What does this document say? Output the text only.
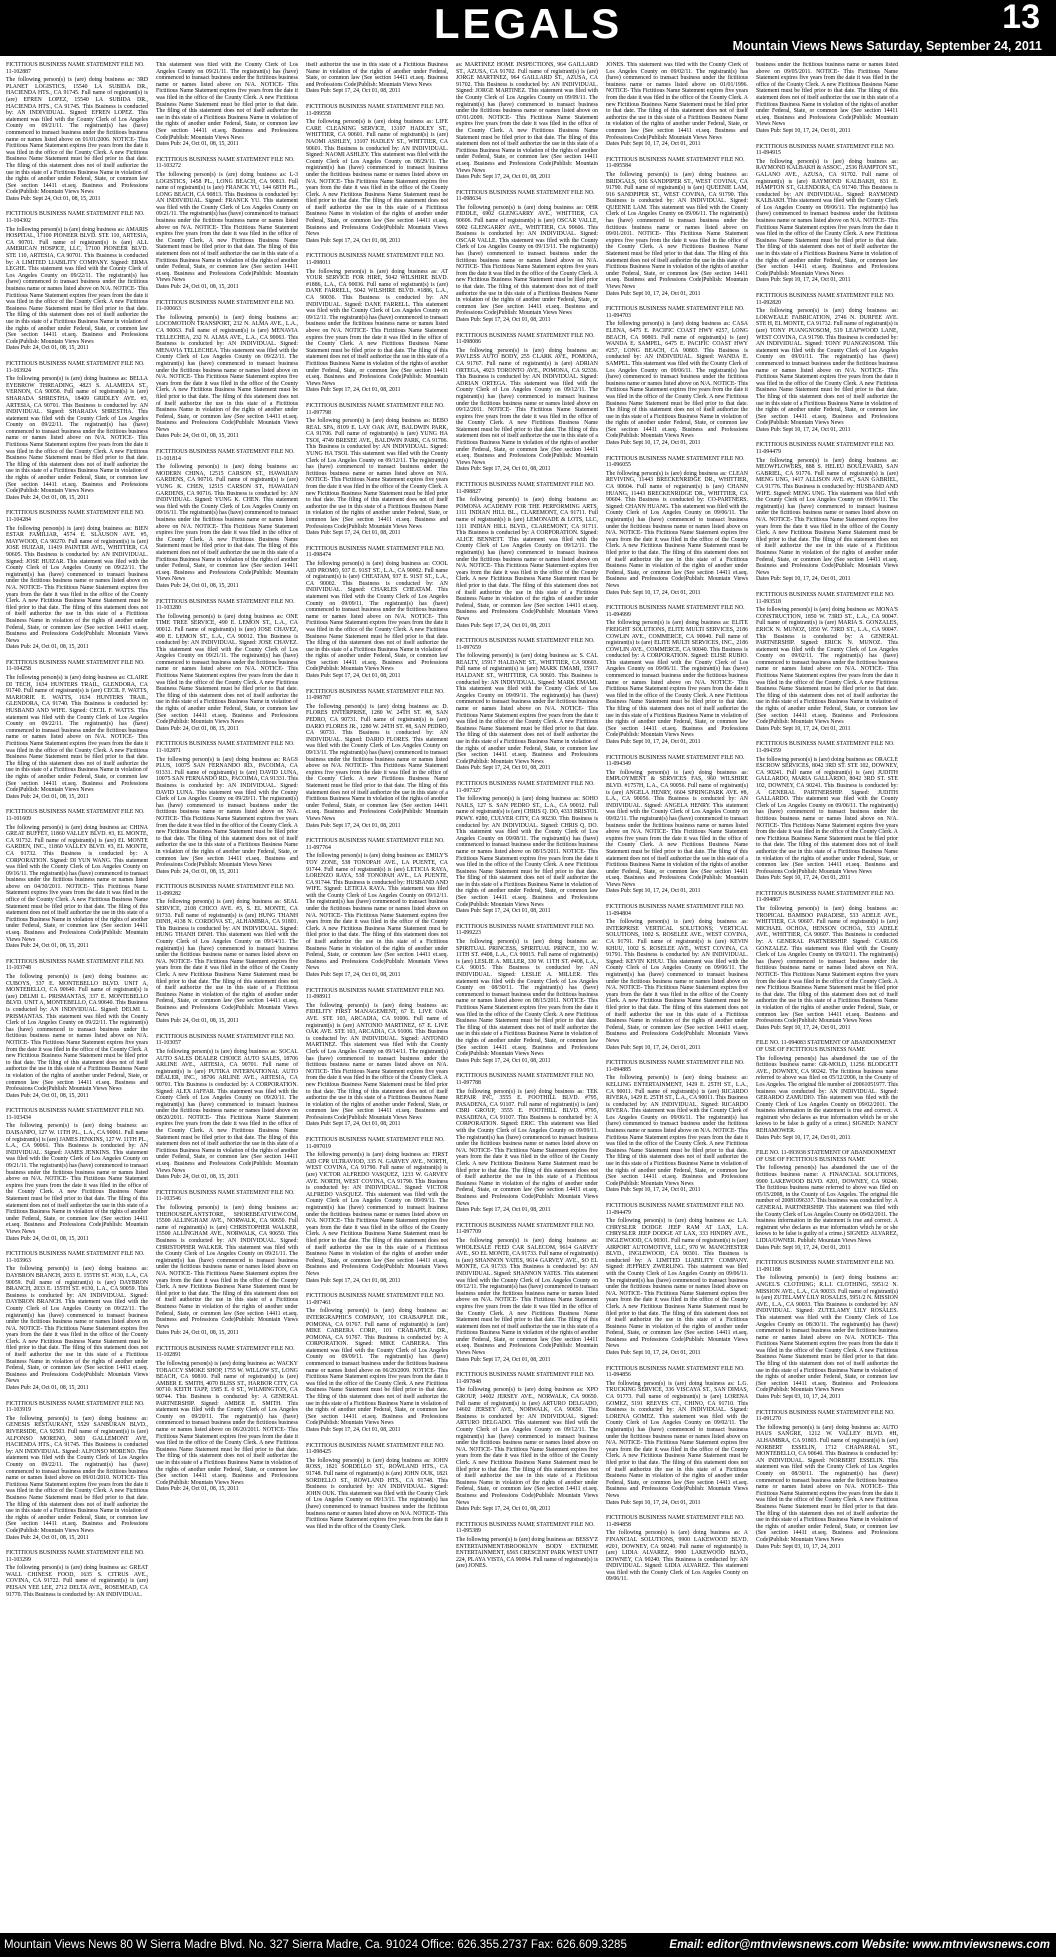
LEGALS	13
Mountain Views News Saturday, September 24, 2011
FICTITIOUS BUSINESS NAME STATEMENT FILE NO. 11-102887
The following person(s) is (are) doing business as: 3RD PLANET LOGISTICS, 15540 LA SUBIDA DR., HACIENDA HTS., CA 91745. Full name of registrant(s) is (are) EFREN LOPEZ, 15540 LA SUBIDA DR., HACIENDA HTS., CA 91745. This Business is conducted by: AN INDIVIDUAL. Signed: EFREN LOPEZ. This statement was filed with the County Clerk of Los Angeles County on 09/21/11. The registrant(s) has (have) commenced to transact business under the fictitious business name or names listed above on 01/01/2006. NOTICE- This Fictitious Name Statement expires five years from the date it was filed in the office of the County Clerk. A new Fictitious Business Name Statement must be filed prior to that date. The filing of this statement does not of itself authorize the use in this state of a Fictitious Business Name in violation of the rights of another under Federal, State, or common law (See section 14411 et.seq. Business and Professions Code)Publish: Mountain Views News
Dates Pub: Sept 24, Oct 01, 08, 15, 2011
FICTITIOUS BUSINESS NAME STATEMENT FILE NO. 11-104302
The following person(s) is (are) doing business as: AMARIS HOSPITAL, 17100 PIONEER BLVD. STE 110, ARTESIA, CA 90701. Full name of registrant(s) is (are) ALL AMERICAN HOSPICE, LLC, 17100 PIONEER BLVD. STE 110, ARTESIA, CA 90701. This Business is conducted by: A LIMITED LIABILITY COMPANY. Signed: ERMA LEGHE. This statement was filed with the County Clerk of Los Angeles County on 09/22/11. The registrant(s) has (have) commenced to transact business under the fictitious business name or names listed above on N/A. NOTICE- This Fictitious Name Statement expires five years from the date it was filed in the office of the County Clerk. A new Fictitious Business Name Statement must be filed prior to that date. The filing of this statement does not of itself authorize the use in this state of a Fictitious Business Name in violation of the rights of another under Federal, State, or common law (See section 14411 et.seq. Business and Professions Code)Publish: Mountain Views News
Dates Pub: 24, Oct 01, 08, 15, 2011
FICTITIOUS BUSINESS NAME STATEMENT FILE NO. 11-103924
The following person(s) is (are) doing business as: BELLA EYEBROW THREADING, 4823 S. ALAMEDA ST., VERNON, CA 90058. Full name of registrant(s) is (are) SHARADA SHRESTHA, 18409 GRIDLEY AVE. #3, ARTESIA, CA 90701. This Business is conducted by: AN INDIVIDUAL. Signed: SHARADA SHRESTHA. This statement was filed with the County Clerk of Los Angeles County on 09/22/11. The registrant(s) has (have) commenced to transact business under the fictitious business name or names listed above on N/A. NOTICE- This Fictitious Name Statement expires five years from the date it was filed in the office of the County Clerk. A new Fictitious Business Name Statement must be filed prior to that date. The filing of this statement does not of itself authorize the use in this state of a Fictitious Business Name in violation of the rights of another under Federal, State, or common law (See section 14411 et.seq. Business and Professions Code)Publish: Mountain Views News
Dates Pub: 24, Oct 01, 08, 15, 2011
FICTITIOUS BUSINESS NAME STATEMENT FILE NO. 11-104284
The following person(s) is (are) doing business as: BIEN ESTAR FAMILIAR, 4574 E. SLAUSON AVE. #5, MAYWOOD, CA 90270. Full name of registrant(s) is (are) JOSE HUIZAR, 11419 PAINTER AVE., WHITTIER, CA 90605. This Business is conducted by: AN INDIVIDUAL. Signed: JOSE HUIZAR. This statement was filed with the County Clerk of Los Angeles County on 09/22/11. The registrant(s) has (have) commenced to transact business under the fictitious business name or names listed above on N/A. NOTICE- This Fictitious Name Statement expires five years from the date it was filed in the office of the County Clerk. A new Fictitious Business Name Statement must be filed prior to that date. The filing of this statement does not of itself authorize the use in this state of a Fictitious Business Name in violation of the rights of another under Federal, State, or common law (See section 14411 et.seq. Business and Professions Code)Publish: Mountain Views News
Dates Pub: 24, Oct 01, 08, 15, 2011
FICTITIOUS BUSINESS NAME STATEMENT FILE NO. 11-104258
The following person(s) is (are) doing business as: CLAIRE DI TECH, 1634 HUNTERS TRAIL, GLENDORA, CA 91740. Full name of registrant(s) is (are) CECIL F. WATTS, MARJORIE E. WATTS, 1634 HUNTERS TRAIL, GLENDORA, CA 91740. This Business is conducted by: HUSBAND AND WIFE. Signed: CECIL F. WATTS. This statement was filed with the County Clerk of Los Angeles County on 09/22/11. The registrant(s) has (have) commenced to transact business under the fictitious business name or names listed above on N/A. NOTICE- This Fictitious Name Statement expires five years from the date it was filed in the office of the County Clerk. A new Fictitious Business Name Statement must be filed prior to that date. The filing of this statement does not of itself authorize the use in this state of a Fictitious Business Name in violation of the rights of another under Federal, State, or common law (See section 14411 et.seq. Business and Professions Code)Publish: Mountain Views News
Dates Pub: 24, Oct 01, 08, 15, 2011
FICTITIOUS BUSINESS NAME STATEMENT FILE NO. 11-101609
The following person(s) is (are) doing business as: CHINA GREAT BUFFET, 11860 VALLEY BLVD. #3, EL MONTE, CA 91732. Full name of registrant(s) is (are) EL MONTE GARDEN, INC., 11860 VALLEY BLVD. #3, EL MONTE, CA 91732. This Business is conducted by: A CORPORATION. Signed: DI YUN WANG. This statement was filed with the County Clerk of Los Angeles County on 09/16/11. The registrant(s) has (have) commenced to transact business under the fictitious business name or names listed above on 04/30/2011. NOTICE- This Fictitious Name Statement expires five years from the date it was filed in the office of the County Clerk. A new Fictitious Business Name Statement must be filed prior to that date. The filing of this statement does not of itself authorize the use in this state of a Fictitious Business Name in violation of the rights of another under Federal, State, or common law (See section 14411 et.seq. Business and Professions Code)Publish: Mountain Views News
Dates Pub: 24, Oct 01, 08, 15, 2011
FICTITIOUS BUSINESS NAME STATEMENT FILE NO. 11-103748
The following person(s) is (are) doing business as: CUBOYS, 337 E. MONTEBELLO BLVD. UNIT A, MONTEBELLO, CA 90640. Full name of registrant(s) is (are) DELMI L. PRISMANTAS, 337 E. MONTEBELLO BLVD. UNIT A, MONTEBELLO, CA 90640. This Business is conducted by: AN INDIVIDUAL. Signed: DELMI L. PRISMANTAS. This statement was filed with the County Clerk of Los Angeles County on 09/22/11. The registrant(s) has (have) commenced to transact business under the fictitious business name or names listed above on N/A. NOTICE- This Fictitious Name Statement expires five years from the date it was filed in the office of the County Clerk. A new Fictitious Business Name Statement must be filed prior to that date. The filing of this statement does not of itself authorize the use in this state of a Fictitious Business Name in violation of the rights of another under Federal, State, or common law (See section 14411 et.seq. Business and Professions Code)Publish: Mountain Views News
Dates Pub: 24, Oct 01, 08, 15, 2011
FICTITIOUS BUSINESS NAME STATEMENT FILE NO. 11-103434
The following person(s) is (are) doing business as: DAISANPO, 127 W. 11TH PL., L.A., CA 90061. Full name of registrant(s) is (are) JAMES JENKINS, 127 W. 11TH PL., L.A., CA 90061. This Business is conducted by: AN INDIVIDUAL. Signed: JAMES JENKINS. This statement was filed with the County Clerk of Los Angeles County on 09/21/11. The registrant(s) has (have) commenced to transact business under the fictitious business name or names listed above on N/A. NOTICE- This Fictitious Name Statement expires five years from the date it was filed in the office of the County Clerk. A new Fictitious Business Name Statement must be filed prior to that date. The filing of this statement does not of itself authorize the use in this state of a Fictitious Business Name in violation of the rights of another under Federal, State, or common law (See section 14411 et.seq. Business and Professions Code)Publish: Mountain Views News
Dates Pub: 24, Oct 01, 08, 15, 2011
FICTITIOUS BUSINESS NAME STATEMENT FILE NO. 11-103963
The following person(s) is (are) doing business as: DAYBRON BRANCH, 2033 E. 155TH ST. #130, L.A., CA 90059. Full name of registrant(s) is (are) DAYBRON BRANCH, 2033 E. 155TH ST. #130, L.A., CA 90059. This Business is conducted by: AN INDIVIDUAL. Signed: DAYBRON BRANCH. This statement was filed with the County Clerk of Los Angeles County on 09/22/11. The registrant(s) has (have) commenced to transact business under the fictitious business name or names listed above on N/A. NOTICE- This Fictitious Name Statement expires five years from the date it was filed in the office of the County Clerk. A new Fictitious Business Name Statement must be filed prior to that date. The filing of this statement does not of itself authorize the use in this state of a Fictitious Business Name in violation of the rights of another under Federal, State, or common law (See section 14411 et.seq. Business and Professions Code)Publish: Mountain Views News
Dates Pub: 24, Oct 01, 08, 15, 2011
FICTITIOUS BUSINESS NAME STATEMENT FILE NO. 11-103919
The following person(s) is (are) doing business as: GENESIS RESTAURANT, 5529 SANBURAN BLVD., RIVERSIDE, CA 92503. Full name of registrant(s) is (are) ALFONSO MORENO, 3003 GALLEMONT AVE, HACIENDA HTS., CA 91745. This Business is conducted by: AN INDIVIDUAL. Signed: ALFONSO MORENO. This statement was filed with the County Clerk of Los Angeles County on 09/22/11. The registrant(s) has (have) commenced to transact business under the fictitious business name or names listed above on 09/01/2010. NOTICE- This Fictitious Name Statement expires five years from the date it was filed in the office of the County Clerk. A new Fictitious Business Name Statement must be filed prior to that date. The filing of this statement does not of itself authorize the use in this state of a Fictitious Business Name in violation of the rights of another under Federal, State, or common law (See section 14411 et.seq. Business and Professions Code)Publish: Mountain Views News
Dates Pub: 24, Oct 01, 08, 15, 2011
FICTITIOUS BUSINESS NAME STATEMENT FILE NO. 11-103299
The following person(s) is (are) doing business as: GREAT WALL CHINESE FOOD, 1635 S. CITRUS AVE., COVINA, CA 91722. Full name of registrant(s) is (are) PEISAN YEE LEE, 2712 DELTA AVE., ROSEMEAD, CA 91770. This Business is conducted by: AN INDIVIDUAL.
This statement was filed with the County Clerk of Los Angeles County on 09/21/11. The registrant(s) has (have) commenced to transact business under the fictitious business name or names listed above on N/A. NOTICE- This Fictitious Name Statement expires five years from the date it was filed in the office of the County Clerk. A new Fictitious Business Name Statement must be filed prior to that date. The filing of this statement does not of itself authorize the use in this state of a Fictitious Business Name in violation of the rights of another under Federal, State, or common law (See section 14411 et.seq. Business and Professions Code)Publish: Mountain Views News
Dates Pub: 24, Oct 01, 08, 15, 2011
FICTITIOUS BUSINESS NAME STATEMENT FILE NO. 11-103272
The following person(s) is (are) doing business as: L-3 LOGISTICS, 1458 PL., LONG BEACH, CA 90813. Full name of registrant(s) is (are) FRANCK YU, 144 68TH PL., LONG BEACH, CA 90813. This Business is conducted by: AN INDIVIDUAL. Signed: FRANCK YU. This statement was filed with the County Clerk of Los Angeles County on 09/21/11. The registrant(s) has (have) commenced to transact business under the fictitious business name or names listed above on N/A. NOTICE- This Fictitious Name Statement expires five years from the date it was filed in the office of the County Clerk. A new Fictitious Business Name Statement must be filed prior to that date. The filing of this statement does not of itself authorize the use in this state of a Fictitious Business Name in violation of the rights of another under Federal, State, or common law (See section 14411 et.seq. Business and Professions Code)Publish: Mountain Views News
Dates Pub: 24, Oct 01, 08, 15, 2011
FICTITIOUS BUSINESS NAME STATEMENT FILE NO. 11-100663
The following person(s) is (are) doing business as: LOCOMOTION TRANSPORT, 232 N. ALMA AVE., L.A., CA 90063. Full name of registrant(s) is (are) MENAVIA TELLECHEA, 232 N. ALMA AVE., L.A., CA 90063. This Business is conducted by: AN INDIVIDUAL. Signed: MENAVIA TELLECHEA. This statement was filed with the County Clerk of Los Angeles County on 09/22/11. The registrant(s) has (have) commenced to transact business under the fictitious business name or names listed above on N/A. NOTICE- This Fictitious Name Statement expires five years from the date it was filed in the office of the County Clerk. A new Fictitious Business Name Statement must be filed prior to that date. The filing of this statement does not of itself authorize the use in this state of a Fictitious Business Name in violation of the rights of another under Federal, State, or common law (See section 14411 et.seq. Business and Professions Code)Publish: Mountain Views News
Dates Pub: 24, Oct 01, 08, 15, 2011
FICTITIOUS BUSINESS NAME STATEMENT FILE NO. 11-101814
The following person(s) is (are) doing business as: MODERN CHINA, 12515 CARSON ST., HAWAIIAN GARDENS, CA 90716. Full name of registrant(s) is (are) YUNG K. CHEN, 12515 CARSON ST., HAWAIIAN GARDENS, CA 90716. This Business is conducted by: AN INDIVIDUAL. Signed: YUNG K. CHEN. This statement was filed with the County Clerk of Los Angeles County on 09/16/11. The registrant(s) has (have) commenced to transact business under the fictitious business name or names listed above on N/A. NOTICE- This Fictitious Name Statement expires five years from the date it was filed in the office of the County Clerk. A new Fictitious Business Name Statement must be filed prior to that date. The filing of this statement does not of itself authorize the use in this state of a Fictitious Business Name in violation of the rights of another under Federal, State, or common law (See section 14411 et.seq. Business and Professions Code)Publish: Mountain Views News
Dates Pub: 24, Oct 01, 08, 15, 2011
FICTITIOUS BUSINESS NAME STATEMENT FILE NO. 11-103280
The following person(s) is (are) doing business as: ONE TIME TREE SERVICE, 490 E. LEMON ST., L.A., CA 90012. Full name of registrant(s) is (are) JOSE CHAVEZ, 490 E. LEMON ST., L.A., CA 90012. This Business is conducted by: AN INDIVIDUAL. Signed: JOSE CHAVEZ. This statement was filed with the County Clerk of Los Angeles County on 09/21/11. The registrant(s) has (have) commenced to transact business under the fictitious business name or names listed above on N/A. NOTICE- This Fictitious Name Statement expires five years from the date it was filed in the office of the County Clerk. A new Fictitious Business Name Statement must be filed prior to that date. The filing of this statement does not of itself authorize the use in this state of a Fictitious Business Name in violation of the rights of another under Federal, State, or common law (See section 14411 et.seq. Business and Professions Code)Publish: Mountain Views News
Dates Pub: 24, Oct 01, 08, 15, 2011
FICTITIOUS BUSINESS NAME STATEMENT FILE NO. 11-102871
The following person(s) is (are) doing business as: RAGS PLUS, 10075 SAN FERNANDO RD., PACOIMA, CA 91331. Full name of registrant(s) is (are) DAVID LUNA, 10075 SAN FERNANDO RD., PACOIMA, CA 91331. This Business is conducted by: AN INDIVIDUAL. Signed: DAVID LUNA. This statement was filed with the County Clerk of Los Angeles County on 09/20/11. The registrant(s) has (have) commenced to transact business under the fictitious business name or names listed above on N/A. NOTICE- This Fictitious Name Statement expires five years from the date it was filed in the office of the County Clerk. A new Fictitious Business Name Statement must be filed prior to that date. The filing of this statement does not of itself authorize the use in this state of a Fictitious Business Name in violation of the rights of another under Federal, State, or common law (See section 14411 et.seq. Business and Professions Code)Publish: Mountain Views News
Dates Pub: 24, Oct 01, 08, 15, 2011
FICTITIOUS BUSINESS NAME STATEMENT FILE NO. 11-099282
The following person(s) is (are) doing business as: SEAL SERVICE, 2108 CHICO AVE. #3, S. EL MONTE, CA 91733. Full name of registrant(s) is (are) HUNG THANH DINH, 4138 N. CORDOVA ST., ALHAMBRA, CA 91801. This Business is conducted by: AN INDIVIDUAL. Signed: HUNG THANH DINH. This statement was filed with the County Clerk of Los Angeles County on 09/14/11. The registrant(s) has (have) commenced to transact business under the fictitious business name or names listed above on N/A. NOTICE- This Fictitious Name Statement expires five years from the date it was filed in the office of the County Clerk. A new Fictitious Business Name Statement must be filed prior to that date. The filing of this statement does not of itself authorize the use in this state of a Fictitious Business Name in violation of the rights of another under Federal, State, or common law (See section 14411 et.seq. Business and Professions Code)Publish: Mountain Views News
Dates Pub: 24, Oct 01, 08, 15, 2011
FICTITIOUS BUSINESS NAME STATEMENT FILE NO. 11-103057
The following person(s) is (are) doing business as: SOCAL AUTO SALES DEALER CHOICE AUTO SALES, 18706 ARLINE AVE., ARTESIA, CA 90701. Full name of registrant(s) is (are) PUTIKA INTERNATIONAL AUTO DEALER, INC., 18706 ARLINE AVE., ARTESIA, CA 90701. This Business is conducted by: A CORPORATION. Signed: ALEX JAFFAR. This statement was filed with the County Clerk of Los Angeles County on 09/20/11. The registrant(s) has (have) commenced to transact business under the fictitious business name or names listed above on 08/20/2011. NOTICE- This Fictitious Name Statement expires five years from the date it was filed in the office of the County Clerk. A new Fictitious Business Name Statement must be filed prior to that date. The filing of this statement does not of itself authorize the use in this state of a Fictitious Business Name in violation of the rights of another under Federal, State, or common law (See section 14411 et.seq. Business and Professions Code)Publish: Mountain Views News
Dates Pub: 24, Oct 01, 08, 15, 2011
FICTITIOUS BUSINESS NAME STATEMENT FILE NO. 11-103546
The following person(s) is (are) doing business as: THEHOUSEPLANTSTORE, SHOREBEATVIEW.COM, 15500 ALLINGHAM AVE., NORWALK, CA 90650. Full name of registrant(s) is (are) CHRISTOPHER WALKER, 15500 ALLINGHAM AVE., NORWALK, CA 90650. This Business is conducted by: AN INDIVIDUAL. Signed: CHRISTOPHER WALKER. This statement was filed with the County Clerk of Los Angeles County on 09/21/11. The registrant(s) has (have) commenced to transact business under the fictitious business name or names listed above on N/A. NOTICE- This Fictitious Name Statement expires five years from the date it was filed in the office of the County Clerk. A new Fictitious Business Name Statement must be filed prior to that date. The filing of this statement does not of itself authorize the use in this state of a Fictitious Business Name in violation of the rights of another under Federal, State, or common law (See section 14411 et.seq. Business and Professions Code)Publish: Mountain Views News
Dates Pub: 24, Oct 01, 08, 15, 2011
FICTITIOUS BUSINESS NAME STATEMENT FILE NO. 11-102891
The following person(s) is (are) doing business as: WACKY TOBACCY SMOKE SHOP, 1755 W. WILLOW ST., LONG BEACH, CA 90810. Full name of registrant(s) is (are) AMBER E. SMITH, 4070 BLISS ST., HARBOR CITY, CA 90710. KEITH TAPP, 1585 E. 0 ST., WILMINGTON, CA 90744. This Business is conducted by: A GENERAL PARTNERSHIP. Signed: AMBER E. SMITH. This statement was filed with the County Clerk of Los Angeles County on 09/20/11. The registrant(s) has (have) commenced to transact business under the fictitious business name or names listed above on 06/20/2011. NOTICE- This Fictitious Name Statement expires five years from the date it was filed in the office of the County Clerk. A new Fictitious Business Name Statement must be filed prior to that date. The filing of this statement does not of itself authorize the use in this state of a Fictitious Business Name in violation of the rights of another under Federal, State, or common law (See section 14411 et.seq. Business and Professions Code)Publish: Mountain Views News
Dates Pub: 24, Oct 01, 08, 15, 2011
itself authorize the use in this state of a Fictitious Business Name in violation of the rights of another under Federal, State, or common law (See section 14411 et.seq. Business and Professions Code)Publish: Mountain Views News
Dates Pub: Sept 17, 24, Oct 01, 08, 2011
FICTITIOUS BUSINESS NAME STATEMENT FILE NO. 11-099558
The following person(s) is (are) doing business as: LIFE CARE CLEANING SERVICE, 13107 HADLEY ST., WHITTIER, CA 90601. Full name of registrant(s) is (are) NAOMI ASHLEY, 13107 HADLEY ST., WHITTIER, CA 90601. This Business is conducted by: AN INDIVIDUAL. Signed: NAOMI ASHLEY. This statement was filed with the County Clerk of Los Angeles County on 08/29/11. The registrant(s) has (have) commenced to transact business under the fictitious business name or names listed above on N/A. NOTICE- This Fictitious Name Statement expires five years from the date it was filed in the office of the County Clerk. A new Fictitious Business Name Statement must be filed prior to that date. The filing of this statement does not of itself authorize the use in this state of a Fictitious Business Name in violation of the rights of another under Federal, State, or common law (See section 14411 et.seq. Business and Professions Code)Publish: Mountain Views News
Dates Pub: Sept 17, 24, Oct 01, 08, 2011
FICTITIOUS BUSINESS NAME STATEMENT FILE NO. 11-098011
The following person(s) is (are) doing business as: AT YOUR SERVICE FOR HIRE, 5042 WILSHIRE BLVD. #1886, L.A., CA 90036. Full name of registrant(s) is (are) DANE FARRELL, 5042 WILSHIRE BLVD. #1886, L.A., CA 90036. This Business is conducted by: AN INDIVIDUAL. Signed: DANE FARRELL. This statement was filed with the County Clerk of Los Angeles County on 09/12/11. The registrant(s) has (have) commenced to transact business under the fictitious business name or names listed above on N/A. NOTICE- This Fictitious Name Statement expires five years from the date it was filed in the office of the County Clerk. A new Fictitious Business Name Statement must be filed prior to that date. The filing of this statement does not of itself authorize the use in this state of a Fictitious Business Name in violation of the rights of another under Federal, State, or common law (See section 14411 et.seq. Business and Professions Code)Publish: Mountain Views News
Dates Pub: Sept 17, 24, Oct 01, 08, 2011
FICTITIOUS BUSINESS NAME STATEMENT FILE NO. 11-097798
The following person(s) is (are) doing business as: BEBO REAL SPA, 8109 E. LAY OAK AVE, BALDWIN PARK, CA 91706. Full name of registrant(s) is (are) YUNG HA TSOI, 4749 BRESEE AVE., BALDWIN PARK, CA 91706. This Business is conducted by: AN INDIVIDUAL. Signed: YUNG HA TSOI. This statement was filed with the County Clerk of Los Angeles County on 09/12/11. The registrant(s) has (have) commenced to transact business under the fictitious business name or names listed above on N/A. NOTICE- This Fictitious Name Statement expires five years from the date it was filed in the office of the County Clerk. A new Fictitious Business Name Statement must be filed prior to that date. The filing of this statement does not of itself authorize the use in this state of a Fictitious Business Name in violation of the rights of another under Federal, State, or common law (See section 14411 et.seq. Business and Professions Code)Publish: Mountain Views News
Dates Pub: Sept 17, 24, Oct 01, 08, 2011
FICTITIOUS BUSINESS NAME STATEMENT FILE NO. 11-098474
The following person(s) is (are) doing business as: COOL AID PROMO, 937 E. 91ST ST., L.A., CA 90002. Full name of registrant(s) is (are) CHEATAM, 937 E. 91ST ST., L.A., CA 90002. This Business is conducted by: AN INDIVIDUAL. Signed: CHARLES CHEATAM. This statement was filed with the County Clerk of Los Angeles County on 09/09/11. The registrant(s) has (have) commenced to transact business under the fictitious business name or names listed above on N/A. NOTICE- This Fictitious Name Statement expires five years from the date it was filed in the office of the County Clerk. A new Fictitious Business Name Statement must be filed prior to that date. The filing of this statement does not of itself authorize the use in this state of a Fictitious Business Name in violation of the rights of another under Federal, State, or common law (See section 14411 et.seq. Business and Professions Code)Publish: Mountain Views News
Dates Pub: Sept 17, 24, Oct 01, 08, 2011
FICTITIOUS BUSINESS NAME STATEMENT FILE NO. 11-098787
The following person(s) is (are) doing business as: D. FLORES ENTERPRISE, 1280 W. 24TH ST. #8, SAN PEDRO, CA 90731. Full name of registrant(s) is (are) DARIO FLORES JR., 1280 W. 24TH ST. #8, SAN PEDRO, CA 90731. This Business is conducted by: AN INDIVIDUAL. Signed: DARIO FLORES. This statement was filed with the County Clerk of Los Angeles County on 09/13/11. The registrant(s) has (have) commenced to transact business under the fictitious business name or names listed above on N/A. NOTICE- This Fictitious Name Statement expires five years from the date it was filed in the office of the County Clerk. A new Fictitious Business Name Statement must be filed prior to that date. The filing of this statement does not of itself authorize the use in this state of a Fictitious Business Name in violation of the rights of another under Federal, State, or common law (See section 14411 et.seq. Business and Professions Code)Publish: Mountain Views News
Dates Pub: Sept 17, 24, Oct 01, 08, 2011
FICTITIOUS BUSINESS NAME STATEMENT FILE NO. 11-097764
The following person(s) is (are) doing business as: EMILY'S TOY ZONE, 538 TONOPAH AVE., LA PUENTE, CA 91744. Full name of registrant(s) is (are) LETICIA RAYA, LORENZO RAYA, 538 TONOPAH AVE., LA PUENTE, CA 91744. This Business is conducted by: HUSBAND AND WIFE. Signed: LETICIA RAYA. This statement was filed with the County Clerk of Los Angeles County on 09/12/11. The registrant(s) has (have) commenced to transact business under the fictitious business name or names listed above on N/A. NOTICE- This Fictitious Name Statement expires five years from the date it was filed in the office of the County Clerk. A new Fictitious Business Name Statement must be filed prior to that date. The filing of this statement does not of itself authorize the use in this state of a Fictitious Business Name in violation of the rights of another under Federal, State, or common law (See section 14411 et.seq. Business and Professions Code)Publish: Mountain Views News
Dates Pub: Sept 17, 24, Oct 01, 08, 2011
FICTITIOUS BUSINESS NAME STATEMENT FILE NO. 11-098911
The following person(s) is (are) doing business as: FIDELITY FIRST MANAGEMENT, 67 E. LIVE OAK AVE. STE 103, ARCADIA, CA 91006. Full name of registrant(s) is (are) ANTONIO MARTINEZ, 67 E. LIVE OAK AVE. STE 103, ARCADIA, CA 91006. This Business is conducted by: AN INDIVIDUAL. Signed: ANTONIO MARTINEZ. This statement was filed with the County Clerk of Los Angeles County on 09/14/11. The registrant(s) has (have) commenced to transact business under the fictitious business name or names listed above on N/A. NOTICE- This Fictitious Name Statement expires five years from the date it was filed in the office of the County Clerk. A new Fictitious Business Name Statement must be filed prior to that date. The filing of this statement does not of itself authorize the use in this state of a Fictitious Business Name in violation of the rights of another under Federal, State, or common law (See section 14411 et.seq. Business and Professions Code)Publish: Mountain Views News
Dates Pub: Sept 17, 24, Oct 01, 08, 2011
FICTITIOUS BUSINESS NAME STATEMENT FILE NO. 11-097019
The following person(s) is (are) doing business as: FIRST AID CPR ULTRAVIOD, 335 N. GARVEY AVE., NORTH, WEST COVINA, CA 91790. Full name of registrant(s) is (are) VICTOR ALFREDO VASQUEZ, 1233 W. GARVEY AVE. NORTH, WEST COVINA, CA 91790. This Business is conducted by: AN INDIVIDUAL. Signed: VICTOR ALFREDO VASQUEZ. This statement was filed with the County Clerk of Los Angeles County on 09/09/11. The registrant(s) has (have) commenced to transact business under the fictitious business name or names listed above on N/A. NOTICE- This Fictitious Name Statement expires five years from the date it was filed in the office of the County Clerk. A new Fictitious Business Name Statement must be filed prior to that date. The filing of this statement does not of itself authorize the use in this state of a Fictitious Business Name in violation of the rights of another under Federal, State, or common law (See section 14411 et.seq. Business and Professions Code)Publish: Mountain Views News
Dates Pub: Sept 17, 24, Oct 01, 08, 2011
FICTITIOUS BUSINESS NAME STATEMENT FILE NO. 11-097461
The following person(s) is (are) doing business as: INTERGRAPHICS COMPANY, 101 CRABAPPLE DR., POMONA, CA 91767. Full name of registrant(s) is (are) MIKE CABRERA CORP., 101 CRABAPPLE DR., POMONA, CA 91767. This Business is conducted by: A CORPORATION. Signed: MIKE CABRERA. This statement was filed with the County Clerk of Los Angeles County on 09/09/11. The registrant(s) has (have) commenced to transact business under the fictitious business name or names listed above on 06/20/2009. NOTICE- This Fictitious Name Statement expires five years from the date it was filed in the office of the County Clerk. A new Fictitious Business Name Statement must be filed prior to that date. The filing of this statement does not of itself authorize the use in this state of a Fictitious Business Name in violation of the rights of another under Federal, State, or common law (See section 14411 et.seq. Business and Professions Code)Publish: Mountain Views News
Dates Pub: Sept 17, 24, Oct 01, 08, 2011
FICTITIOUS BUSINESS NAME STATEMENT FILE NO. 11-098425
The following person(s) is (are) doing business as: JOHN ROSS, 1821 SORDELLO ST., ROWLAND HTS., CA 91748. Full name of registrant(s) is (are) JOHN OUK, 1821 SORDELLO ST., ROWLAND HTS., CA 91748. This Business is conducted by: AN INDIVIDUAL. Signed: JOHN OUK. This statement was filed with the County Clerk of Los Angeles County on 09/13/11. The registrant(s) has (have) commenced to transact business under the fictitious business name or names listed above on N/A. NOTICE- This Fictitious Name Statement expires five years from the date it was filed in the office of the County Clerk.
as: MARTINEZ HOME INSPECTIONS, 964 GAILLARD ST., AZUSA, CA 91702. Full name of registrant(s) is (are) JORGE MARTINEZ, 964 GAILLARD ST., AZUSA, CA 91702. This Business is conducted by: AN INDIVIDUAL. Signed: JORGE MARTINEZ. This statement was filed with the County Clerk of Los Angeles County on 09/09/11. The registrant(s) has (have) commenced to transact business under the fictitious business name or names listed above on 07/01/2009. NOTICE- This Fictitious Name Statement expires five years from the date it was filed in the office of the County Clerk. A new Fictitious Business Name Statement must be filed prior to that date. The filing of this statement does not of itself authorize the use in this state of a Fictitious Business Name in violation of the rights of another under Federal, State, or common law (See section 14411 et.seq. Business and Professions Code)Publish: Mountain Views News
Dates Pub: Sept 17, 24, Oct 01, 08, 2011
FICTITIOUS BUSINESS NAME STATEMENT FILE NO. 11-098634
The following person(s) is (are) doing business as: OHR FIDDLE, 6902 GLENGARRY AVE., WHITTIER, CA 90606. Full name of registrant(s) is (are) OSCAR VALLE, 6902 GLENGARRY AVE., WHITTIER, CA 90606. This Business is conducted by: AN INDIVIDUAL. Signed: OSCAR VALLE. This statement was filed with the County Clerk of Los Angeles County on 09/13/11. The registrant(s) has (have) commenced to transact business under the fictitious business name or names listed above on N/A. NOTICE- This Fictitious Name Statement expires five years from the date it was filed in the office of the County Clerk. A new Fictitious Business Name Statement must be filed prior to that date. The filing of this statement does not of itself authorize the use in this state of a Fictitious Business Name in violation of the rights of another under Federal, State, or common law (See section 14411 et.seq. Business and Professions Code)Publish: Mountain Views News
Dates Pub: Sept 17, 24, Oct 01, 08, 2011
FICTITIOUS BUSINESS NAME STATEMENT FILE NO. 11-098086
The following person(s) is (are) doing business as: PAVLESS AUTO BODY, 255 CLARK AVE., POMONA, CA 91767. Full name of registrant(s) is (are) ADRIAN ORTEGA, 4923 TORONTO AVE., POMONA, CA 92336. This Business is conducted by: AN INDIVIDUAL. Signed: ADRIAN ORTEGA. This statement was filed with the County Clerk of Los Angeles County on 09/12/11. The registrant(s) has (have) commenced to transact business under the fictitious business name or names listed above on 09/12/2011. NOTICE- This Fictitious Name Statement expires five years from the date it was filed in the office of the County Clerk. A new Fictitious Business Name Statement must be filed prior to that date. The filing of this statement does not of itself authorize the use in this state of a Fictitious Business Name in violation of the rights of another under Federal, State, or common law (See section 14411 et.seq. Business and Professions Code)Publish: Mountain Views News
Dates Pub: Sept 17, 24, Oct 01, 08, 2011
FICTITIOUS BUSINESS NAME STATEMENT FILE NO. 11-098827
The following person(s) is (are) doing business as: POMONA ACADEMY FOR THE PERFORMING ARTS, 1111 INDIAN HILL BL., CLAREMONT, CA 91711. Full name of registrant(s) is (are) LEMONADE & LOTS, LLC, 1111 INDIAN HILL BLVD., CLAREMONT, CA 91711. This Business is conducted by: A CORPORATION. Signed: ALICE BENNETT. This statement was filed with the County Clerk of Los Angeles County on 09/12/11. The registrant(s) has (have) commenced to transact business under the fictitious business name or names listed above on N/A. NOTICE- This Fictitious Name Statement expires five years from the date it was filed in the office of the County Clerk. A new Fictitious Business Name Statement must be filed prior to that date. The filing of this statement does not of itself authorize the use in this state of a Fictitious Business Name in violation of the rights of another under Federal, State, or common law (See section 14411 et.seq. Business and Professions Code)Publish: Mountain Views News
Dates Pub: Sept 17, 24, Oct 01, 08, 2011
FICTITIOUS BUSINESS NAME STATEMENT FILE NO. 11-097659
The following person(s) is (are) doing business as: S. CAL REALTY, 15917 HALDANE ST., WHITTIER, CA 90603. Full name of registrant(s) is (are) MARK EMAMI, 15917 HALDANE ST., WHITTIER, CA 90603. This Business is conducted by: AN INDIVIDUAL. Signed: MARK EMAMI. This statement was filed with the County Clerk of Los Angeles County on 09/09/11. The registrant(s) has (have) commenced to transact business under the fictitious business name or names listed above on N/A. NOTICE- This Fictitious Name Statement expires five years from the date it was filed in the office of the County Clerk. A new Fictitious Business Name Statement must be filed prior to that date. The filing of this statement does not of itself authorize the use in this state of a Fictitious Business Name in violation of the rights of another under Federal, State, or common law (See section 14411 et.seq. Business and Professions Code)Publish: Mountain Views News
Dates Pub: Sept 17, 24, Oct 01, 08, 2011
FICTITIOUS BUSINESS NAME STATEMENT FILE NO. 11-097327
The following person(s) is (are) doing business as: SOHO NAILS, 127 S. SAN PEDRO ST., L.A., CA 90012. Full name of registrant(s) is (are) CHRIS Q. DO, 4333 BRISTOL PKWY. #280, CULVER CITY, CA 90230. This Business is conducted by: AN INDIVIDUAL. Signed: CHRIS Q. DO. This statement was filed with the County Clerk of Los Angeles County on 09/08/11. The registrant(s) has (have) commenced to transact business under the fictitious business name or names listed above on 08/15/2011. NOTICE- This Fictitious Name Statement expires five years from the date it was filed in the office of the County Clerk. A new Fictitious Business Name Statement must be filed prior to that date. The filing of this statement does not of itself authorize the use in this state of a Fictitious Business Name in violation of the rights of another under Federal, State, or common law (See section 14411 et.seq. Business and Professions Code)Publish: Mountain Views News
Dates Pub: Sept 17, 24, Oct 01, 08, 2011
FICTITIOUS BUSINESS NAME STATEMENT FILE NO. 11-099223
The following person(s) is (are) doing business as: SPIRITUAL PRINCESS, SPIRITUAL PRINCE, 330 W. 11TH ST. #408, L.A., CA 90015. Full name of registrant(s) is (are) LESLIE A. MILLER, 330 W. 11TH ST. #408, L.A., CA 90015. This Business is conducted by: AN INDIVIDUAL. Signed: LESLIE A. MILLER. This statement was filed with the County Clerk of Los Angeles County on 08/30/11. The registrant(s) has (have) commenced to transact business under the fictitious business name or names listed above on 08/15/2011. NOTICE- This Fictitious Name Statement expires five years from the date it was filed in the office of the County Clerk. A new Fictitious Business Name Statement must be filed prior to that date. The filing of this statement does not of itself authorize the use in this state of a Fictitious Business Name in violation of the rights of another under Federal, State, or common law (See section 14411 et.seq. Business and Professions Code)Publish: Mountain Views News
Dates Pub: Sept 17, 24, Oct 01, 08, 2011
FICTITIOUS BUSINESS NAME STATEMENT FILE NO. 11-097788
The following person(s) is (are) doing business as: TEK REPAIR INC, 3555 E. FOOTHILL BLVD. #795, PASADENA, CA 91107. Full name of registrant(s) is (are) CBRI GROUP, 3555 E. FOOTHILL BLVD. #795, PASADENA, CA 91107. This Business is conducted by: A CORPORATION. Signed: ERIC. This statement was filed with the County Clerk of Los Angeles County on 09/09/11. The registrant(s) has (have) commenced to transact business under the fictitious business name or names listed above on N/A. NOTICE- This Fictitious Name Statement expires five years from the date it was filed in the office of the County Clerk. A new Fictitious Business Name Statement must be filed prior to that date. The filing of this statement does not of itself authorize the use in this state of a Fictitious Business Name in violation of the rights of another under Federal, State, or common law (See section 14411 et.seq. Business and Professions Code)Publish: Mountain Views News
Dates Pub: Sept 17, 24, Oct 01, 08, 2011
FICTITIOUS BUSINESS NAME STATEMENT FILE NO. 11-097709
The following person(s) is (are) doing business as: WHOLESALE FEED CAR SALECOM, 9614 GARVEY AVE., SO EL MONTE, CA 91733. Full name of registrant(s) is (are) SHANNON YATES, 9614 GARVEY AVE., SO EL MONTE, CA 91733. This Business is conducted by: AN INDIVIDUAL. Signed: SHANNON YATES. This statement was filed with the County Clerk of Los Angeles County on 09/12/11. The registrant(s) has (have) commenced to transact business under the fictitious business name or names listed above on N/A. NOTICE- This Fictitious Name Statement expires five years from the date it was filed in the office of the County Clerk. A new Fictitious Business Name Statement must be filed prior to that date. The filing of this statement does not of itself authorize the use in this state of a Fictitious Business Name in violation of the rights of another under Federal, State, or common law (See section 14411 et.seq. Business and Professions Code)Publish: Mountain Views News
Dates Pub: Sept 17, 24, Oct 01, 08, 2011
FICTITIOUS BUSINESS NAME STATEMENT FILE NO. 11-097848
The following person(s) is (are) doing business as: XPO GROUP, 14602 JERSEY AVE., NORWALK, CA 90650. Full name of registrant(s) is (are) ARTURO DELGADO, 14602 JERSEY AVE., NORWALK, CA 90650. This Business is conducted by: AN INDIVIDUAL. Signed: ARTURO DELGADO. This statement was filed with the County Clerk of Los Angeles County on 09/12/11. The registrant(s) has (have) commenced to transact business under the fictitious business name or names listed above on N/A. NOTICE- This Fictitious Name Statement expires five years from the date it was filed in the office of the County Clerk. A new Fictitious Business Name Statement must be filed prior to that date. The filing of this statement does not of itself authorize the use in this state of a Fictitious Business Name in violation of the rights of another under Federal, State, or common law (See section 14411 et.seq. Business and Professions Code)Publish: Mountain Views News
Dates Pub: Sept 17, 24, Oct 01, 08, 2011
FICTITIOUS BUSINESS NAME STATEMENT FILE NO. 11-095389
The following person(s) is (are) doing business as: BESSY'Z ENTERTAINMENT/BROOKLYN BODY EXTREME ENTERTAINMENT, 6565 CRESCENT PARK WEST UNIT 224, PLAYA VISTA, CA 90094. Full name of registrant(s) is (are) JONES.
JONES. This statement was filed with the County Clerk of Los Angeles County on 09/02/11. The registrant(s) has (have) commenced to transact business under the fictitious business name or names listed above on 01/01/1996. NOTICE- This Fictitious Name Statement expires five years from the date it was filed in the office of the County Clerk. A new Fictitious Business Name Statement must be filed prior to that date. The filing of this statement does not of itself authorize the use in this state of a Fictitious Business Name in violation of the rights of another under Federal, State, or common law (See section 14411 et.seq. Business and Professions Code)Publish: Mountain Views News
Dates Pub: Sept 10, 17, 24, Oct 01, 2011
FICTITIOUS BUSINESS NAME STATEMENT FILE NO. 11-095584
The following person(s) is (are) doing business as: BRIDGALS, 916 SANDPIPER ST., WEST COVINA, CA 91790. Full name of registrant(s) is (are) QUEENIE LAM, 916 SANDPIPER ST., WEST COVINA, CA 91790. This Business is conducted by: AN INDIVIDUAL. Signed: QUEENIE LAM. This statement was filed with the County Clerk of Los Angeles County on 09/06/11. The registrant(s) has (have) commenced to transact business under the fictitious business name or names listed above on 09/01/2011. NOTICE- This Fictitious Name Statement expires five years from the date it was filed in the office of the County Clerk. A new Fictitious Business Name Statement must be filed prior to that date. The filing of this statement does not of itself authorize the use in this state of a Fictitious Business Name in violation of the rights of another under Federal, State, or common law (See section 14411 et.seq. Business and Professions Code)Publish: Mountain Views News
Dates Pub: Sept 10, 17, 24, Oct 01, 2011
FICTITIOUS BUSINESS NAME STATEMENT FILE NO. 11-094703
The following person(s) is (are) doing business as: CASA ELENA, 6475 E. PACIFIC COAST HWY #257, LONG BEACH, CA 90803. Full name of registrant(s) is (are) WANDA E. SAMPEL, 6475 E. PACIFIC COAST HWY #257, LONG BEACH, CA 90803. This Business is conducted by: AN INDIVIDUAL. Signed: WANDA E. SAMPEL. This statement was filed with the County Clerk of Los Angeles County on 09/06/11. The registrant(s) has (have) commenced to transact business under the fictitious business name or names listed above on N/A. NOTICE- This Fictitious Name Statement expires five years from the date it was filed in the office of the County Clerk. A new Fictitious Business Name Statement must be filed prior to that date. The filing of this statement does not of itself authorize the use in this state of a Fictitious Business Name in violation of the rights of another under Federal, State, or common law (See section 14411 et.seq. Business and Professions Code)Publish: Mountain Views News
Dates Pub: Sept 10, 17, 24, Oct 01, 2011
FICTITIOUS BUSINESS NAME STATEMENT FILE NO. 11-096055
The following person(s) is (are) doing business as: CLEAN REVIVING, 11443 BRECKENRIDGE DR., WHITTIER, CA 90604. Full name of registrant(s) is (are) CHANN HUANG, 11443 BRECKENRIDGE DR., WHITTIER, CA 90604. This Business is conducted by: CO-PARTNERS. Signed: CHANN HUANG. This statement was filed with the County Clerk of Los Angeles County on 09/06/11. The registrant(s) has (have) commenced to transact business under the fictitious business name or names listed above on N/A. NOTICE- This Fictitious Name Statement expires five years from the date it was filed in the office of the County Clerk. A new Fictitious Business Name Statement must be filed prior to that date. The filing of this statement does not of itself authorize the use in this state of a Fictitious Business Name in violation of the rights of another under Federal, State, or common law (See section 14411 et.seq. Business and Professions Code)Publish: Mountain Views News
Dates Pub: Sept 10, 17, 24, Oct 01, 2011
FICTITIOUS BUSINESS NAME STATEMENT FILE NO. 11-094999
The following person(s) is (are) doing business as: ELITE FREIGHT SOLUTIONS, ELITE MULTI SERVICES, 2186 COWLIN AVE., COMMERCE, CA 90040. Full name of registrant(s) is (are) ELITE MULTI SERVICES, INC., 2186 COWLIN AVE., COMMERCE, CA 90040. This Business is conducted by: A CORPORATION. Signed: ELISE RUBIO. This statement was filed with the County Clerk of Los Angeles County on 09/06/11. The registrant(s) has (have) commenced to transact business under the fictitious business name or names listed above on N/A. NOTICE- This Fictitious Name Statement expires five years from the date it was filed in the office of the County Clerk. A new Fictitious Business Name Statement must be filed prior to that date. The filing of this statement does not of itself authorize the use in this state of a Fictitious Business Name in violation of the rights of another under Federal, State, or common law (See section 14411 et.seq. Business and Professions Code)Publish: Mountain Views News
Dates Pub: Sept 10, 17, 24, Oct 01, 2011
FICTITIOUS BUSINESS NAME STATEMENT FILE NO. 11-094349
The following person(s) is (are) doing business as: EMPLOYMENT & SERVICES FAS, 960 WILSHIRE BLVD. #1757H, L.A., CA 90056. Full name of registrant(s) is (are) ANGELA HENRY, 6604 SPRINGPARK AVE. #8, L.A., CA 90056. This Business is conducted by: AN INDIVIDUAL. Signed: ANGELA HENRY. This statement was filed with the County Clerk of Los Angeles County on 09/02/11. The registrant(s) has (have) commenced to transact business under the fictitious business name or names listed above on N/A. NOTICE- This Fictitious Name Statement expires five years from the date it was filed in the office of the County Clerk. A new Fictitious Business Name Statement must be filed prior to that date. The filing of this statement does not of itself authorize the use in this state of a Fictitious Business Name in violation of the rights of another under Federal, State, or common law (See section 14411 et.seq. Business and Professions Code)Publish: Mountain Views News
Dates Pub: Sept 10, 17, 24, Oct 01, 2011
FICTITIOUS BUSINESS NAME STATEMENT FILE NO. 11-094804
The following person(s) is (are) doing business as: INTERPRISE VERTICAL SOLUTIONS; VERTICAL SOLUTIONS, 1002 S. ROSELEE AVE., WEST COVINA, CA 91791. Full name of registrant(s) is (are) KEVIN KHUU, 1002 S. ROSELEE AVE., WEST COVINA, CA 91791. This Business is conducted by: AN INDIVIDUAL. Signed: KEVIN KHUU. This statement was filed with the County Clerk of Los Angeles County on 09/06/11. The registrant(s) has (have) commenced to transact business under the fictitious business name or names listed above on N/A. NOTICE- This Fictitious Name Statement expires five years from the date it was filed in the office of the County Clerk. A new Fictitious Business Name Statement must be filed prior to that date. The filing of this statement does not of itself authorize the use in this state of a Fictitious Business Name in violation of the rights of another under Federal, State, or common law (See section 14411 et.seq. Business and Professions Code)Publish: Mountain Views News
Dates Pub: Sept 10, 17, 24, Oct 01, 2011
FICTITIOUS BUSINESS NAME STATEMENT FILE NO. 11-094885
The following person(s) is (are) doing business as: KELLING ENTERTAINMENT, 1429 E. 25TH ST., L.A., CA 90011. Full name of registrant(s) is (are) RICARDO RIVERA, 1429 E. 25TH ST., L.A., CA 90011. This Business is conducted by: AN INDIVIDUAL. Signed: RICARDO RIVERA. This statement was filed with the County Clerk of Los Angeles County on 09/06/11. The registrant(s) has (have) commenced to transact business under the fictitious business name or names listed above on N/A. NOTICE- This Fictitious Name Statement expires five years from the date it was filed in the office of the County Clerk. A new Fictitious Business Name Statement must be filed prior to that date. The filing of this statement does not of itself authorize the use in this state of a Fictitious Business Name in violation of the rights of another under Federal, State, or common law (See section 14411 et.seq. Business and Professions Code)Publish: Mountain Views News
Dates Pub: Sept 10, 17, 24, Oct 01, 2011
FICTITIOUS BUSINESS NAME STATEMENT FILE NO. 11-094479
The following person(s) is (are) doing business as: L.A. CHRYSLER DODGE JEEP RAM AT LAX, L.A. CHRYSLER JEEP DODGE AT LAX, 333 HINDRY AVE., INGLEWOOD, CA 90301. Full name of registrant(s) is (are) AIRPORT AUTOMOTIVE, LLC, 970 W. MANCHESTER BLVD., INGLEWOOD, CA 90301. This Business is conducted by: A LIMITED LIABILITY COMPANY. Signed: JEFFREY ZWERLING. This statement was filed with the County Clerk of Los Angeles County on 09/06/11. The registrant(s) has (have) commenced to transact business under the fictitious business name or names listed above on N/A. NOTICE- This Fictitious Name Statement expires five years from the date it was filed in the office of the County Clerk. A new Fictitious Business Name Statement must be filed prior to that date. The filing of this statement does not of itself authorize the use in this state of a Fictitious Business Name in violation of the rights of another under Federal, State, or common law (See section 14411 et.seq. Business and Professions Code)Publish: Mountain Views News
Dates Pub: Sept 10, 17, 24, Oct 01, 2011
FICTITIOUS BUSINESS NAME STATEMENT FILE NO. 11-094856
The following person(s) is (are) doing business as: L.G. TRUCKING SERVICE, 336 VISCAYA ST., SAN DIMAS, CA 91773. Full name of registrant(s) is (are) LORENA GOMEZ, 5191 REEVES CT., CHINO, CA 91710. This Business is conducted by: AN INDIVIDUAL. Signed: LORENA GOMEZ. This statement was filed with the County Clerk of Los Angeles County on 09/02/11. The registrant(s) has (have) commenced to transact business under the fictitious business name or names listed above on N/A. NOTICE- This Fictitious Name Statement expires five years from the date it was filed in the office of the County Clerk. A new Fictitious Business Name Statement must be filed prior to that date. The filing of this statement does not of itself authorize the use in this state of a Fictitious Business Name in violation of the rights of another under Federal, State, or common law (See section 14411 et.seq. Business and Professions Code)Publish: Mountain Views News
Dates Pub: Sept 10, 17, 24, Oct 01, 2011
FICTITIOUS BUSINESS NAME STATEMENT FILE NO. 11-094858
The following person(s) is (are) doing business as: A FINANCIAL SOLUTIONS, 9900 LAKEWOOD BLVD. #201, DOWNEY, CA 90240. Full name of registrant(s) is (are) LIDIA ALVAREZ, 9900 LAKEWOOD BLVD., DOWNEY, CA 90240. This Business is conducted by: AN INDIVIDUAL. Signed: LIDIA ALVAREZ. This statement was filed with the County Clerk of Los Angeles County on 09/06/11.
business under the fictitious business name or names listed above on 09/05/2011. NOTICE- This Fictitious Name Statement expires five years from the date it was filed in the office of the County Clerk. A new Fictitious Business Name Statement must be filed prior to that date. The filing of this statement does not of itself authorize the use in this state of a Fictitious Business Name in violation of the rights of another under Federal, State, or common law (See section 14411 et.seq. Business and Professions Code)Publish: Mountain Views News
Dates Pub: Sept 10, 17, 24, Oct 01, 2011
FICTITIOUS BUSINESS NAME STATEMENT FILE NO. 11-094915
The following person(s) is (are) doing business as: RAYMOND KALBAKH & ASSOC., 2536 HAMPTON ST., GALANO AVE., AZUSA, CA 91702. Full name of registrant(s) is (are) RAYMOND KALBAKH, 831 E. HAMPTON ST., GLENDORA, CA 91740. This Business is conducted by: AN INDIVIDUAL. Signed: RAYMOND KALBAKH. This statement was filed with the County Clerk of Los Angeles County on 09/06/11. The registrant(s) has (have) commenced to transact business under the fictitious business name or names listed above on N/A. NOTICE- This Fictitious Name Statement expires five years from the date it was filed in the office of the County Clerk. A new Fictitious Business Name Statement must be filed prior to that date. The filing of this statement does not of itself authorize the use in this state of a Fictitious Business Name in violation of the rights of another under Federal, State, or common law (See section 14411 et.seq. Business and Professions Code)Publish: Mountain Views News
Dates Pub: Sept 10, 17, 24, Oct 01, 2011
FICTITIOUS BUSINESS NAME STATEMENT FILE NO. 11-092820
The following person(s) is (are) doing business as: LOKWEALE FABRICATION, 2746 N. DURFEE AVE. STE H, EL MONTE, CA 91732. Full name of registrant(s) is (are) TONY PUANGNOSOM, 519 LEAFWOOD LANE, WEST COVINA, CA 91790. This Business is conducted by: AN INDIVIDUAL. Signed: TONY PUANGNOSOM. This statement was filed with the County Clerk of Los Angeles County on 09/01/11. The registrant(s) has (have) commenced to transact business under the fictitious business name or names listed above on N/A. NOTICE- This Fictitious Name Statement expires five years from the date it was filed in the office of the County Clerk. A new Fictitious Business Name Statement must be filed prior to that date. The filing of this statement does not of itself authorize the use in this state of a Fictitious Business Name in violation of the rights of another under Federal, State, or common law (See section 14411 et.seq. Business and Professions Code)Publish: Mountain Views News
Dates Pub: Sept 10, 17, 24, Oct 01, 2011
FICTITIOUS BUSINESS NAME STATEMENT FILE NO. 11-094479
The following person(s) is (are) doing business as: MEOWFLOWERS, 888 S. HELEU BOULEVARD, SAN GABRIEL, CA 91776. Full name of registrant(s) is (are) MENG UNG, 1417 ALLISON AVE. #C, SAN GABRIEL, CA 91776. This Business is conducted by: HUSBAND AND WIFE. Signed: MENG UNG. This statement was filed with the County Clerk of Los Angeles County on 09/06/11. The registrant(s) has (have) commenced to transact business under the fictitious business name or names listed above on N/A. NOTICE- This Fictitious Name Statement expires five years from the date it was filed in the office of the County Clerk. A new Fictitious Business Name Statement must be filed prior to that date. The filing of this statement does not of itself authorize the use in this state of a Fictitious Business Name in violation of the rights of another under Federal, State, or common law (See section 14411 et.seq. Business and Professions Code)Publish: Mountain Views News
Dates Pub: Sept 10, 17, 24, Oct 01, 2011
FICTITIOUS BUSINESS NAME STATEMENT FILE NO. 11-093518
The following person(s) is (are) doing business as: MONA'S CONSTRUCTION, 1850 W. 73RD ST., L.A., CA 90047. Full name of registrant(s) is (are) MARIA S. GONZALES, ERICK N. MUNOZ, 1850 W. 73RD ST., L.A., CA 90047. This Business is conducted by: A GENERAL PARTNERSHIP. Signed: ERICK N. MUNOZ. This statement was filed with the County Clerk of Los Angeles County on 09/02/11. The registrant(s) has (have) commenced to transact business under the fictitious business name or names listed above on N/A. NOTICE- This Fictitious Name Statement expires five years from the date it was filed in the office of the County Clerk. A new Fictitious Business Name Statement must be filed prior to that date. The filing of this statement does not of itself authorize the use in this state of a Fictitious Business Name in violation of the rights of another under Federal, State, or common law (See section 14411 et.seq. Business and Professions Code)Publish: Mountain Views News
Dates Pub: Sept 10, 17, 24, Oct 01, 2011
FICTITIOUS BUSINESS NAME STATEMENT FILE NO. 11-094359
The following person(s) is (are) doing business as: ORACLE ESCROW SERVICES, 8042 3RD ST. STE 102, DOWNEY, CA 90241. Full name of registrant(s) is (are) JUDITH GALLARDO, MARIA GALLARDO, 8042 3RD ST. STE 102, DOWNEY, CA 90241. This Business is conducted by: A GENERAL PARTNERSHIP. Signed: JUDITH GALLARDO. This statement was filed with the County Clerk of Los Angeles County on 09/06/11. The registrant(s) has (have) commenced to transact business under the fictitious business name or names listed above on N/A. NOTICE- This Fictitious Name Statement expires five years from the date it was filed in the office of the County Clerk. A new Fictitious Business Name Statement must be filed prior to that date. The filing of this statement does not of itself authorize the use in this state of a Fictitious Business Name in violation of the rights of another under Federal, State, or common law (See section 14411 et.seq. Business and Professions Code)Publish: Mountain Views News
Dates Pub: Sept 10, 17, 24, Oct 01, 2011
FICTITIOUS BUSINESS NAME STATEMENT FILE NO. 11-094867
The following person(s) is (are) doing business as: TROPICAL BAMBOO PARADISE, 533 ADELE AVE., WHITTIER, CA 90607. Full name of registrant(s) is (are) MICHAEL OCHOA, HENSON OCHOA, 533 ADELE AVE., WHITTIER, CA 90607. This Business is conducted by: A GENERAL PARTNERSHIP. Signed: CARLOS GONZALEZ. This statement was filed with the County Clerk of Los Angeles County on 09/02/11. The registrant(s) has (have) commenced to transact business under the fictitious business name or names listed above on N/A. NOTICE- This Fictitious Name Statement expires five years from the date it was filed in the office of the County Clerk. A new Fictitious Business Name Statement must be filed prior to that date. The filing of this statement does not of itself authorize the use in this state of a Fictitious Business Name in violation of the rights of another under Federal, State, or common law (See section 14411 et.seq. Business and Professions Code)Publish: Mountain Views News
Dates Pub: Sept 10, 17, 24, Oct 01, 2011
FILE NO. 11-094083 STATEMENT OF ABANDONMENT OF USE OF FICTITIOUS BUSINESS NAME
The following person(s) has abandoned the use of the fictitious business name: GR-MOLD, 11256 BLODGETT AVE., DOWNEY, CA 90242. The fictitious business name referred to above was filed on 05/12/2006, in the County of Los Angeles. The original file number of 20061051977. This business was conducted by: AN INDIVIDUAL. Signed: GERARDO ZAMUDIO. This statement was filed with the County Clerk of Los Angeles County on 09/02/2011. The business information in the statement is true and correct. A registrant who declares as true information which he or she knows to be false is guilty of a crime.) SIGNED: NANCY REHAMOWER.
Dates Pub: Sept 10, 17, 24, Oct 01, 2011
FILE NO. 11-093938 STATEMENT OF ABANDONMENT OF USE OF FICTITIOUS BUSINESS NAME
The following person(s) has abandoned the use of the fictitious business name: A FINANCIAL SOLUTIONS, 9900 LAKEWOOD BLVD. #201, DOWNEY, CA 90240. The fictitious business name referred to above was filed on 05/15/2008, in the County of Los Angeles. The original file number of 20081096337. This business was conducted by: A GENERAL PARTNERSHIP. This statement was filed with the County Clerk of Los Angeles County on 09/02/2011. The business information in the statement is true and correct. A registrant who declares as true information which he or she knows to be false is guilty of a crime.) SIGNED: ALVAREZ, LIDIA/OWNER. Publish: Mountain Views News
Dates Pub: Sept 10, 17, 24, Oct 01, 2011
FICTITIOUS BUSINESS NAME STATEMENT FILE NO. 11-091188
The following person(s) is (are) doing business as: ANGEL'S CLOTHING; R.L.I. CLOTHING, 5951/2 N. MISSION AVE., L.A., CA 90033. Full name of registrant(s) is (are) ZUTELAMY LILY ROSALES, 5951/2 N. MISSION AVE., L.A., CA 90033. This Business is conducted by: AN INDIVIDUAL. Signed: ZUTELAMY LILY ROSALES. This statement was filed with the County Clerk of Los Angeles County on 08/30/11. The registrant(s) has (have) commenced to transact business under the fictitious business name or names listed above on N/A. NOTICE- This Fictitious Name Statement expires five years from the date it was filed in the office of the County Clerk. A new Fictitious Business Name Statement must be filed prior to that date. The filing of this statement does not of itself authorize the use in this state of a Fictitious Business Name in violation of the rights of another under Federal, State, or common law (See section 14411 et.seq. Business and Professions Code)Publish: Mountain Views News
Dates Pub: Sept 03, 10, 17, 24, 2011
FICTITIOUS BUSINESS NAME STATEMENT FILE NO. 11-091270
The following person(s) is (are) doing business as: AUTO HAUS SANGRE, 1212 W. VALLEY BLVD. #H, ALHAMBRA, CA 91803. Full name of registrant(s) is (are) NORBERT ESSELIN, 1712 CHAPARRAL ST., MONTEBELLO, CA 90640. This Business is conducted by: AN INDIVIDUAL. Signed: NORBERT ESSELIN. This statement was filed with the County Clerk of Los Angeles County on 08/30/11. The registrant(s) has (have) commenced to transact business under the fictitious business name or names listed above on N/A. NOTICE- This Fictitious Name Statement expires five years from the date it was filed in the office of the County Clerk. A new Fictitious Business Name Statement must be filed prior to that date. The filing of this statement does not of itself authorize the use in this state of a Fictitious Business Name in violation of the rights of another under Federal, State, or common law (See section 14411 et.seq. Business and Professions Code)Publish: Mountain Views News
Dates Pub: Sept 03, 10, 17, 24, 2011
Mountain Views News 80 W Sierra Madre Blvd. No. 327 Sierra Madre, Ca. 91024 Office: 626.355.2737 Fax: 626.609.3285	Email: editor@mtnviewsnews.com Website: www.mtnviewsnews.com
